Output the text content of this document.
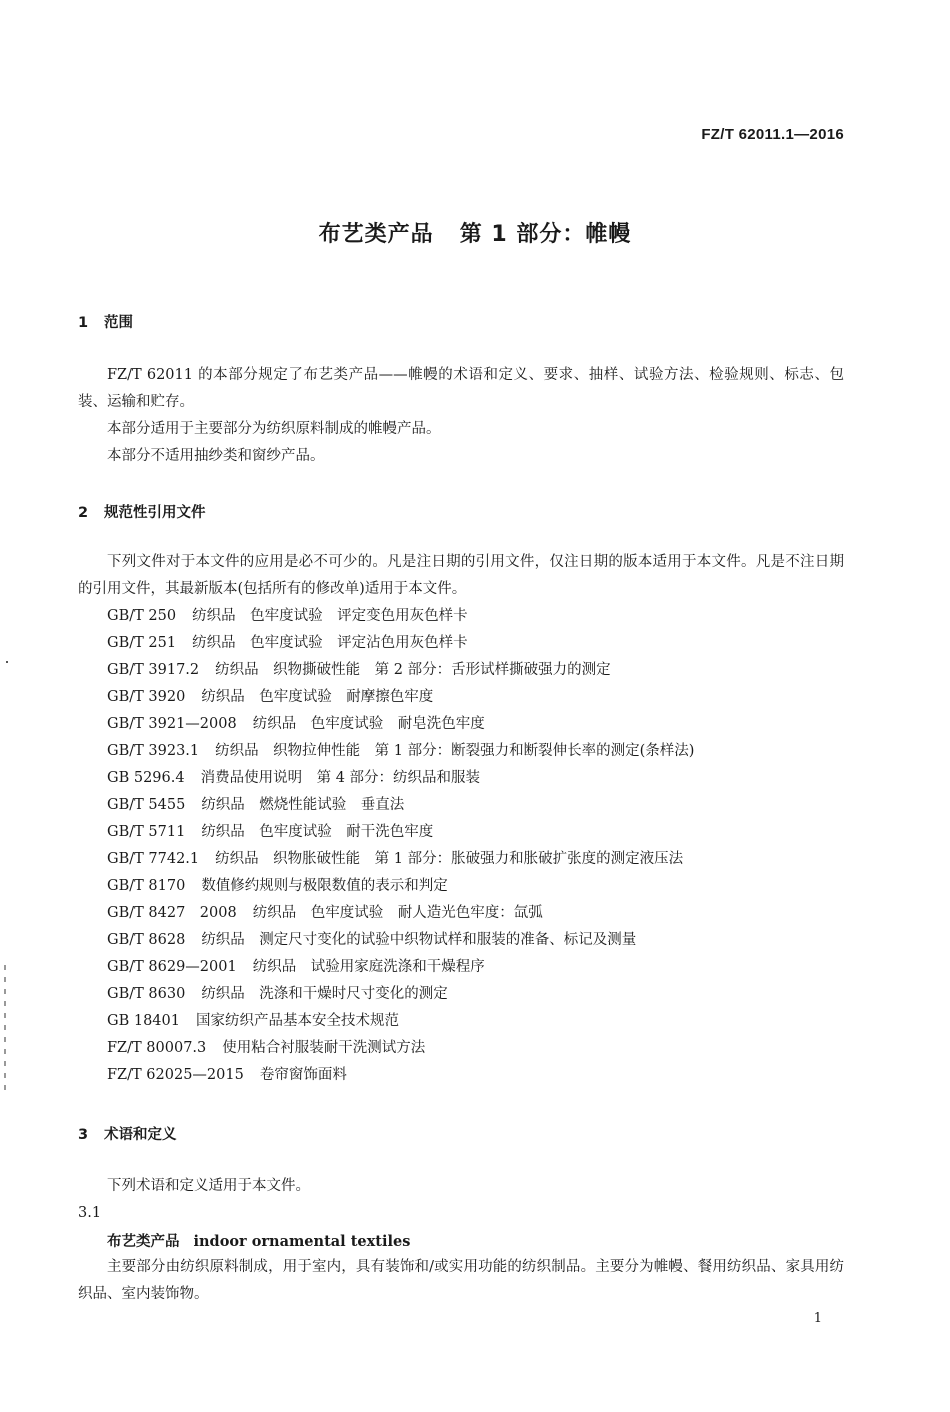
FZ/T 62011.1—2016
布艺类产品 第 1 部分：帷幔
1 范围
FZ/T 62011 的本部分规定了布艺类产品——帷幔的术语和定义、要求、抽样、试验方法、检验规则、标志、包装、运输和贮存。
本部分适用于主要部分为纺织原料制成的帷幔产品。
本部分不适用抽纱类和窗纱产品。
2 规范性引用文件
下列文件对于本文件的应用是必不可少的。凡是注日期的引用文件，仅注日期的版本适用于本文件。凡是不注日期的引用文件，其最新版本(包括所有的修改单)适用于本文件。
GB/T 250 纺织品　色牢度试验　评定变色用灰色样卡
GB/T 251 纺织品　色牢度试验　评定沾色用灰色样卡
GB/T 3917.2 纺织品　织物撕破性能　第 2 部分：舌形试样撕破强力的测定
GB/T 3920 纺织品　色牢度试验　耐摩擦色牢度
GB/T 3921—2008 纺织品　色牢度试验　耐皂洗色牢度
GB/T 3923.1 纺织品　织物拉伸性能　第 1 部分：断裂强力和断裂伸长率的测定(条样法)
GB 5296.4 消费品使用说明　第 4 部分：纺织品和服装
GB/T 5455 纺织品　燃烧性能试验　垂直法
GB/T 5711 纺织品　色牢度试验　耐干洗色牢度
GB/T 7742.1 纺织品　织物胀破性能　第 1 部分：胀破强力和胀破扩张度的测定液压法
GB/T 8170 数值修约规则与极限数值的表示和判定
GB/T 8427　2008 纺织品　色牢度试验　耐人造光色牢度：氙弧
GB/T 8628 纺织品　测定尺寸变化的试验中织物试样和服装的准备、标记及测量
GB/T 8629—2001 纺织品　试验用家庭洗涤和干燥程序
GB/T 8630 纺织品　洗涤和干燥时尺寸变化的测定
GB 18401 国家纺织产品基本安全技术规范
FZ/T 80007.3 使用粘合衬服装耐干洗测试方法
FZ/T 62025—2015 卷帘窗饰面料
3 术语和定义
下列术语和定义适用于本文件。
3.1
布艺类产品 indoor ornamental textiles
主要部分由纺织原料制成，用于室内，具有装饰和/或实用功能的纺织制品。主要分为帷幔、餐用纺织品、家具用纺织品、室内装饰物。
1
